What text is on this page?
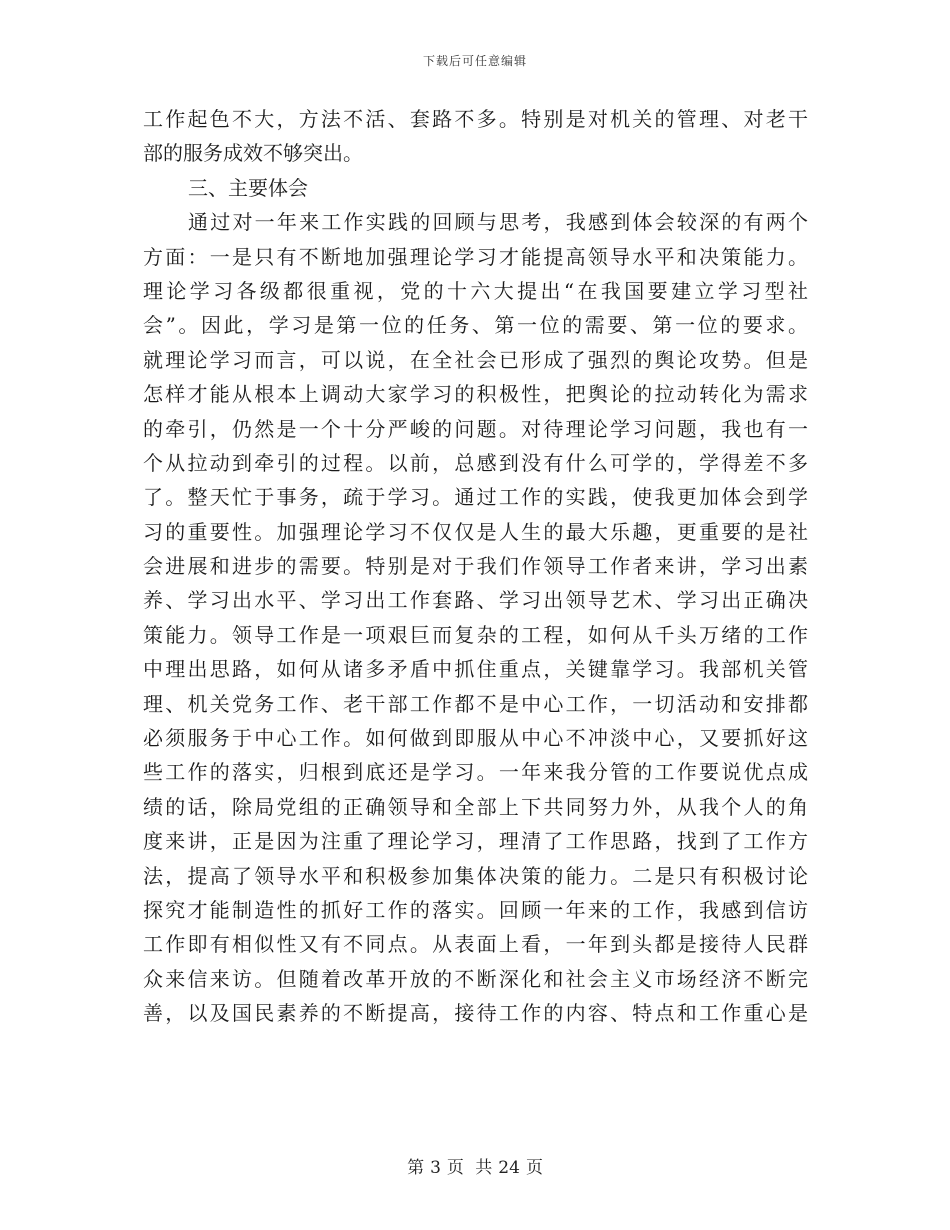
下载后可任意编辑
工作起色不大，方法不活、套路不多。特别是对机关的管理、对老干
部的服务成效不够突出。
三、主要体会
通过对一年来工作实践的回顾与思考，我感到体会较深的有两个
方面：一是只有不断地加强理论学习才能提高领导水平和决策能力。
理论学习各级都很重视，党的十六大提出“在我国要建立学习型社
会”。因此，学习是第一位的任务、第一位的需要、第一位的要求。
就理论学习而言，可以说，在全社会已形成了强烈的舆论攻势。但是
怎样才能从根本上调动大家学习的积极性，把舆论的拉动转化为需求
的牵引，仍然是一个十分严峻的问题。对待理论学习问题，我也有一
个从拉动到牵引的过程。以前，总感到没有什么可学的，学得差不多
了。整天忙于事务，疏于学习。通过工作的实践，使我更加体会到学
习的重要性。加强理论学习不仅仅是人生的最大乐趣，更重要的是社
会进展和进步的需要。特别是对于我们作领导工作者来讲，学习出素
养、学习出水平、学习出工作套路、学习出领导艺术、学习出正确决
策能力。领导工作是一项艰巨而复杂的工程，如何从千头万绪的工作
中理出思路，如何从诸多矛盾中抓住重点，关键靠学习。我部机关管
理、机关党务工作、老干部工作都不是中心工作，一切活动和安排都
必须服务于中心工作。如何做到即服从中心不冲淡中心，又要抓好这
些工作的落实，归根到底还是学习。一年来我分管的工作要说优点成
绩的话，除局党组的正确领导和全部上下共同努力外，从我个人的角
度来讲，正是因为注重了理论学习，理清了工作思路，找到了工作方
法，提高了领导水平和积极参加集体决策的能力。二是只有积极讨论
探究才能制造性的抓好工作的落实。回顾一年来的工作，我感到信访
工作即有相似性又有不同点。从表面上看，一年到头都是接待人民群
众来信来访。但随着改革开放的不断深化和社会主义市场经济不断完
善，以及国民素养的不断提高，接待工作的内容、特点和工作重心是
第 3 页 共 24 页
